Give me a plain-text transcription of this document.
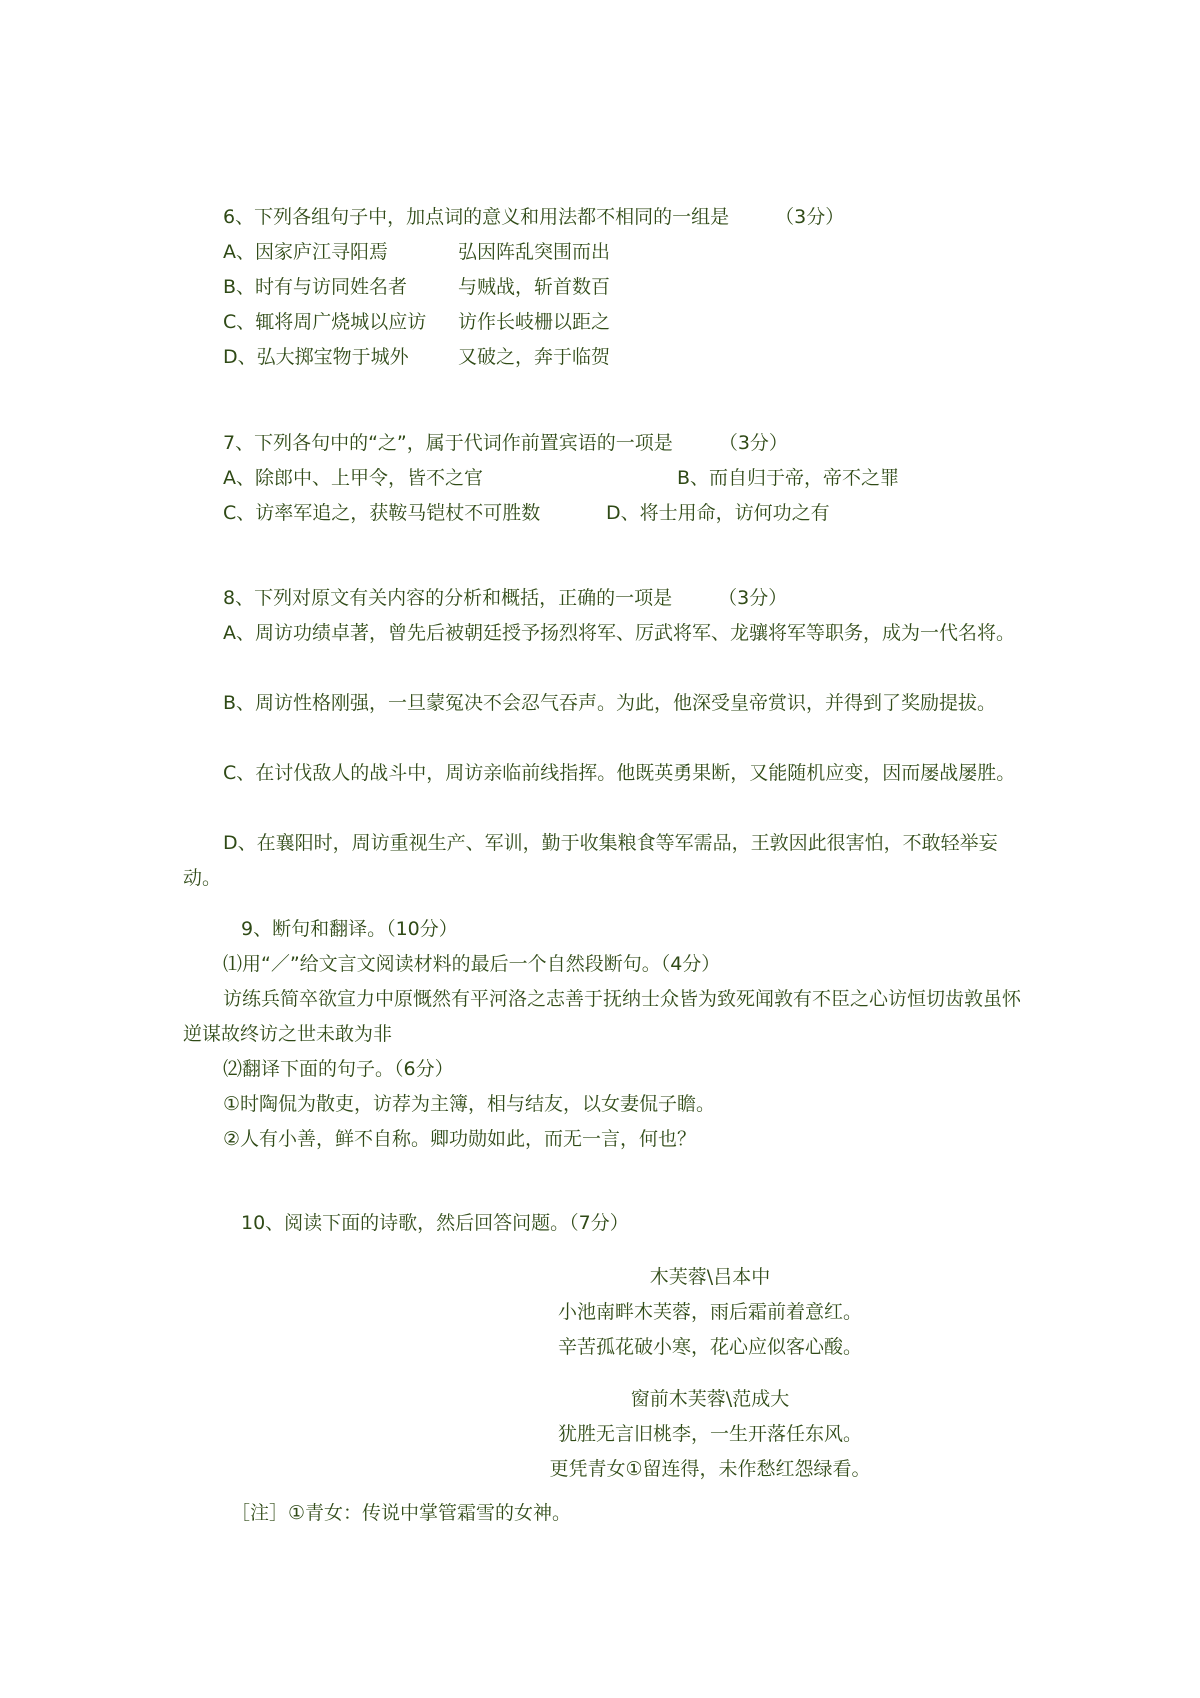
6、下列各组句子中，加点词的意义和用法都不相同的一组是 （3分）
A、因家庐江寻阳焉	弘因阵乱突围而出
B、时有与访同姓名者	与贼战，斩首数百
C、辄将周广烧城以应访 访作长岐栅以距之
D、弘大掷宝物于城外	又破之，奔于临贺
7、下列各句中的“之”，属于代词作前置宾语的一项是 （3分）
A、除郎中、上甲令，皆不之官	B、而自归于帝，帝不之罪
C、访率军追之，获鞍马铠杖不可胜数	D、将士用命，访何功之有
8、下列对原文有关内容的分析和概括，正确的一项是 （3分）
A、周访功绩卓著，曾先后被朝廷授予扬烈将军、厉武将军、龙骧将军等职务，成为一代名将。
B、周访性格刚强，一旦蒙冤决不会忍气吞声。为此，他深受皇帝赏识，并得到了奖励提拔。
C、在讨伐敌人的战斗中，周访亲临前线指挥。他既英勇果断，又能随机应变，因而屡战屡胜。
D、在襄阳时，周访重视生产、军训，勤于收集粮食等军需品，王敦因此很害怕，不敢轻举妄动。
9、断句和翻译。（10分）
⑴用“／”给文言文阅读材料的最后一个自然段断句。（4分）
访练兵简卒欲宣力中原慨然有平河洛之志善于抚纳士众皆为致死闻敦有不臣之心访恒切齿敦虽怀逆谋故终访之世未敢为非
⑵翻译下面的句子。（6分）
①时陶侃为散吏，访荐为主簿，相与结友，以女妻侃子瞻。
②人有小善，鲜不自称。卿功勋如此，而无一言，何也？
10、阅读下面的诗歌，然后回答问题。（7分）
木芙蓉\吕本中
小池南畔木芙蓉，雨后霜前着意红。
辛苦孤花破小寒，花心应似客心酸。
窗前木芙蓉\范成大
犹胜无言旧桃李，一生开落任东风。
更凭青女①留连得，未作愁红怨绿看。
［注］①青女：传说中掌管霜雪的女神。
